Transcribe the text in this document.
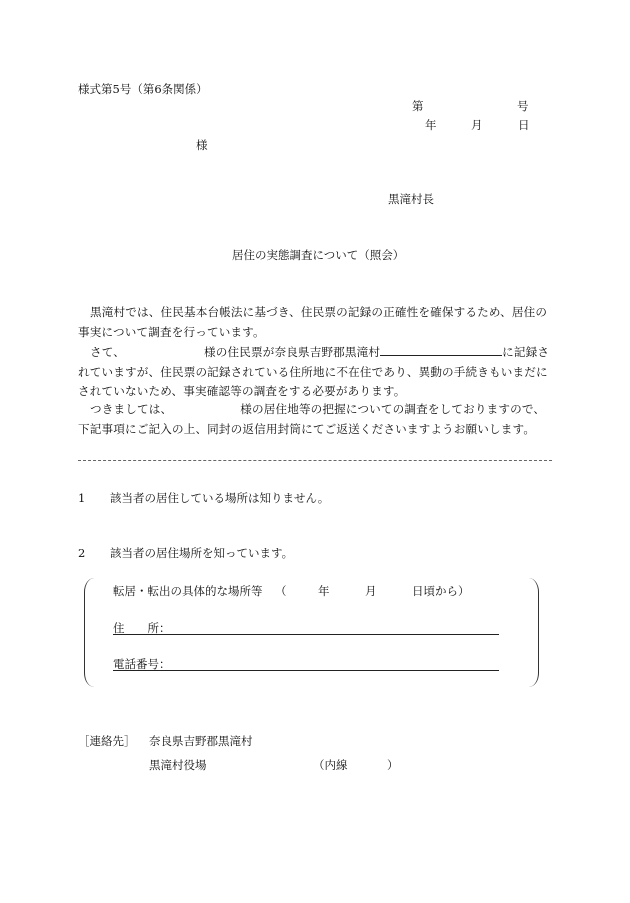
様式第5号（第6条関係）
第	号
年	月	日
様
黒滝村長
居住の実態調査について（照会）
黒滝村では、住民基本台帳法に基づき、住民票の記録の正確性を確保するため、居住の事実について調査を行っています。
さて、	様の住民票が奈良県吉野郡黒滝村	に記録されていますが、住民票の記録されている住所地に不在住であり、異動の手続きもいまだにされていないため、事実確認等の調査をする必要があります。
つきましては、	様の居住地等の把握についての調査をしておりますので、下記事項にご記入の上、同封の返信用封筒にてご返送くださいますようお願いします。
1 該当者の居住している場所は知りません。
2 該当者の居住場所を知っています。
転居・転出の具体的な場所等 （	年	月	日頃から）
住　　所：
電話番号：
［連絡先］ 奈良県吉野郡黒滝村
黒滝村役場	（内線	）
